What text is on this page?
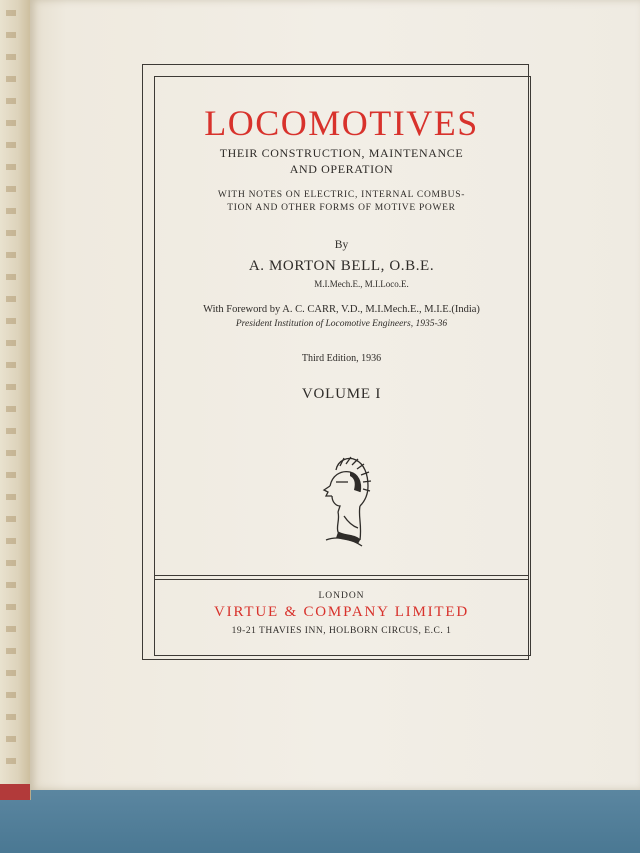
LOCOMOTIVES
THEIR CONSTRUCTION, MAINTENANCE
AND OPERATION
WITH NOTES ON ELECTRIC, INTERNAL COMBUS-
TION AND OTHER FORMS OF MOTIVE POWER
By
A. MORTON BELL, O.B.E.
M.I.Mech.E., M.I.Loco.E.
With Foreword by A. C. CARR, V.D., M.I.Mech.E., M.I.E.(India)
President Institution of Locomotive Engineers, 1935-36
Third Edition, 1936
VOLUME I
LONDON
VIRTUE & COMPANY LIMITED
19-21 THAVIES INN, HOLBORN CIRCUS, E.C. 1
